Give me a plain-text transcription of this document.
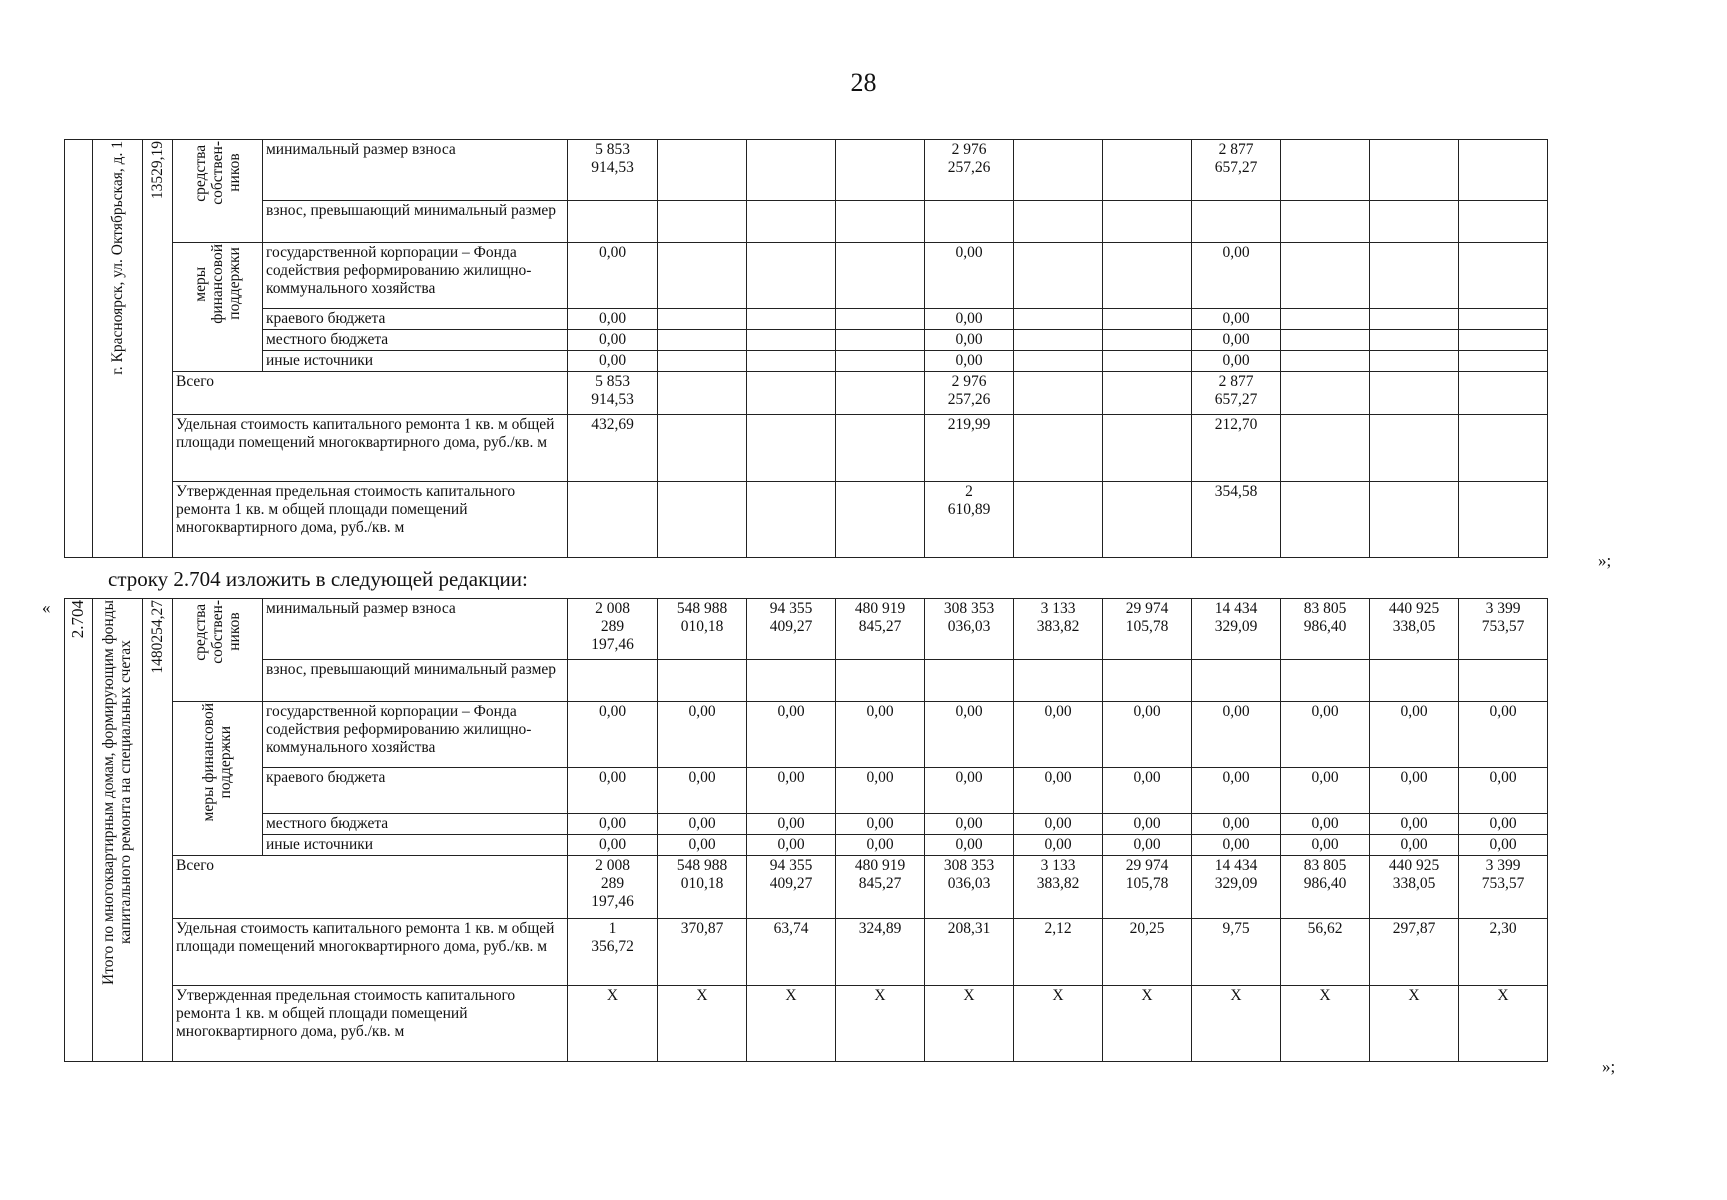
28
	г. Красноярск, ул. Октябрьская, д. 1	13529,19	средства
собствен-
ников	минимальный размер взноса	5 853
914,53				2 976
257,26			2 877
657,27			
				взнос, превышающий минимальный размер											
			меры
финансовой
поддержки	государственной корпорации – Фонда содействия реформированию жилищно-коммунального хозяйства	0,00				0,00			0,00			
				краевого бюджета	0,00				0,00			0,00			
				местного бюджета	0,00				0,00			0,00			
				иные источники	0,00				0,00			0,00			
			Всего		5 853
914,53				2 976
257,26			2 877
657,27			
			Удельная стоимость капитального ремонта 1 кв. м общей площади помещений многоквартирного дома, руб./кв. м		432,69				219,99			212,70			
			Утвержденная предельная стоимость капитального ремонта 1 кв. м общей площади помещений многоквартирного дома, руб./кв. м						2
610,89			354,58			
»;
строку 2.704 изложить в следующей редакции:
« 2.704	Итого по многоквартирным домам, формирующим фонды
капитального ремонта на специальных счетах	1480254,27	средства
собствен-
ников	минимальный размер взноса	2 008
289
197,46	548 988
010,18	94 355
409,27	480 919
845,27	308 353
036,03	3 133
383,82	29 974
105,78	14 434
329,09	83 805
986,40	440 925
338,05	3 399
753,57
				взнос, превышающий минимальный размер											
			меры финансовой
поддержки	государственной корпорации – Фонда содействия реформированию жилищно-коммунального хозяйства	0,00	0,00	0,00	0,00	0,00	0,00	0,00	0,00	0,00	0,00	0,00
				краевого бюджета	0,00	0,00	0,00	0,00	0,00	0,00	0,00	0,00	0,00	0,00	0,00
				местного бюджета	0,00	0,00	0,00	0,00	0,00	0,00	0,00	0,00	0,00	0,00	0,00
				иные источники	0,00	0,00	0,00	0,00	0,00	0,00	0,00	0,00	0,00	0,00	0,00
			Всего		2 008
289
197,46	548 988
010,18	94 355
409,27	480 919
845,27	308 353
036,03	3 133
383,82	29 974
105,78	14 434
329,09	83 805
986,40	440 925
338,05	3 399
753,57
			Удельная стоимость капитального ремонта 1 кв. м общей площади помещений многоквартирного дома, руб./кв. м		1
356,72	370,87	63,74	324,89	208,31	2,12	20,25	9,75	56,62	297,87	2,30
			Утвержденная предельная стоимость капитального ремонта 1 кв. м общей площади помещений многоквартирного дома, руб./кв. м		X	X	X	X	X	X	X	X	X	X	X
»;
